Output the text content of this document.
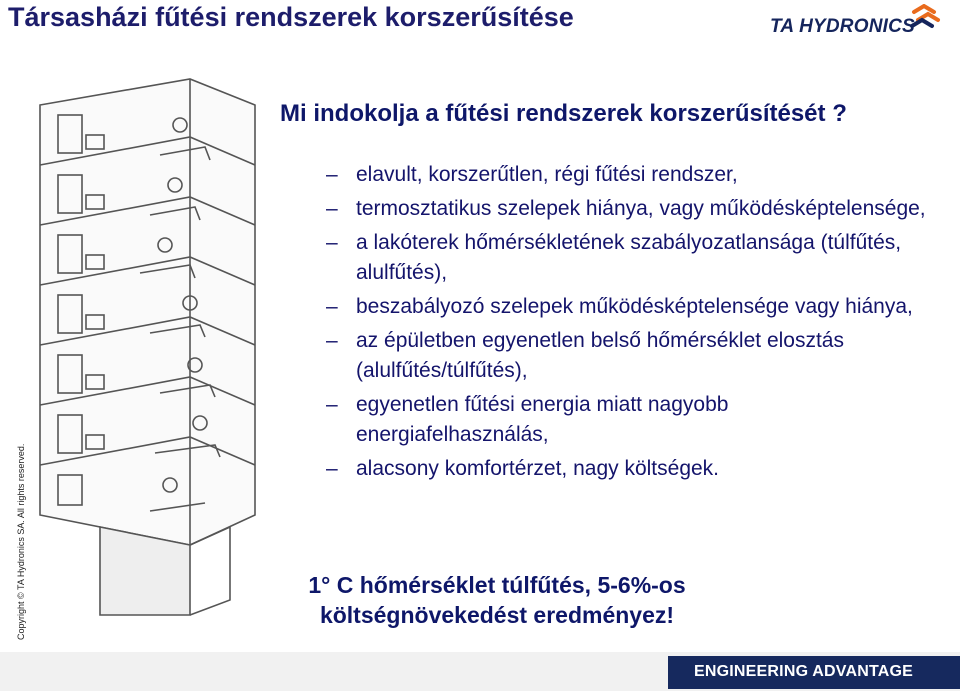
Társasházi fűtési rendszerek korszerűsítése	TA HYDRONICS
Mi indokolja a fűtési rendszerek korszerűsítését ?
– elavult, korszerűtlen, régi fűtési rendszer,
– termosztatikus szelepek hiánya, vagy működésképtelensége,
– a lakóterek hőmérsékletének szabályozatlansága (túlfűtés, alulfűtés),
– beszabályozó szelepek működésképtelensége vagy hiánya,
– az épületben egyenetlen belső hőmérséklet elosztás (alulfűtés/túlfűtés),
– egyenetlen fűtési energia miatt nagyobb energiafelhasználás,
– alacsony komfortérzet, nagy költségek.
1° C hőmérséklet túlfűtés, 5-6%-os költségnövekedést eredményez!
Copyright © TA Hydronics SA. All rights reserved.
ENGINEERING ADVANTAGE
